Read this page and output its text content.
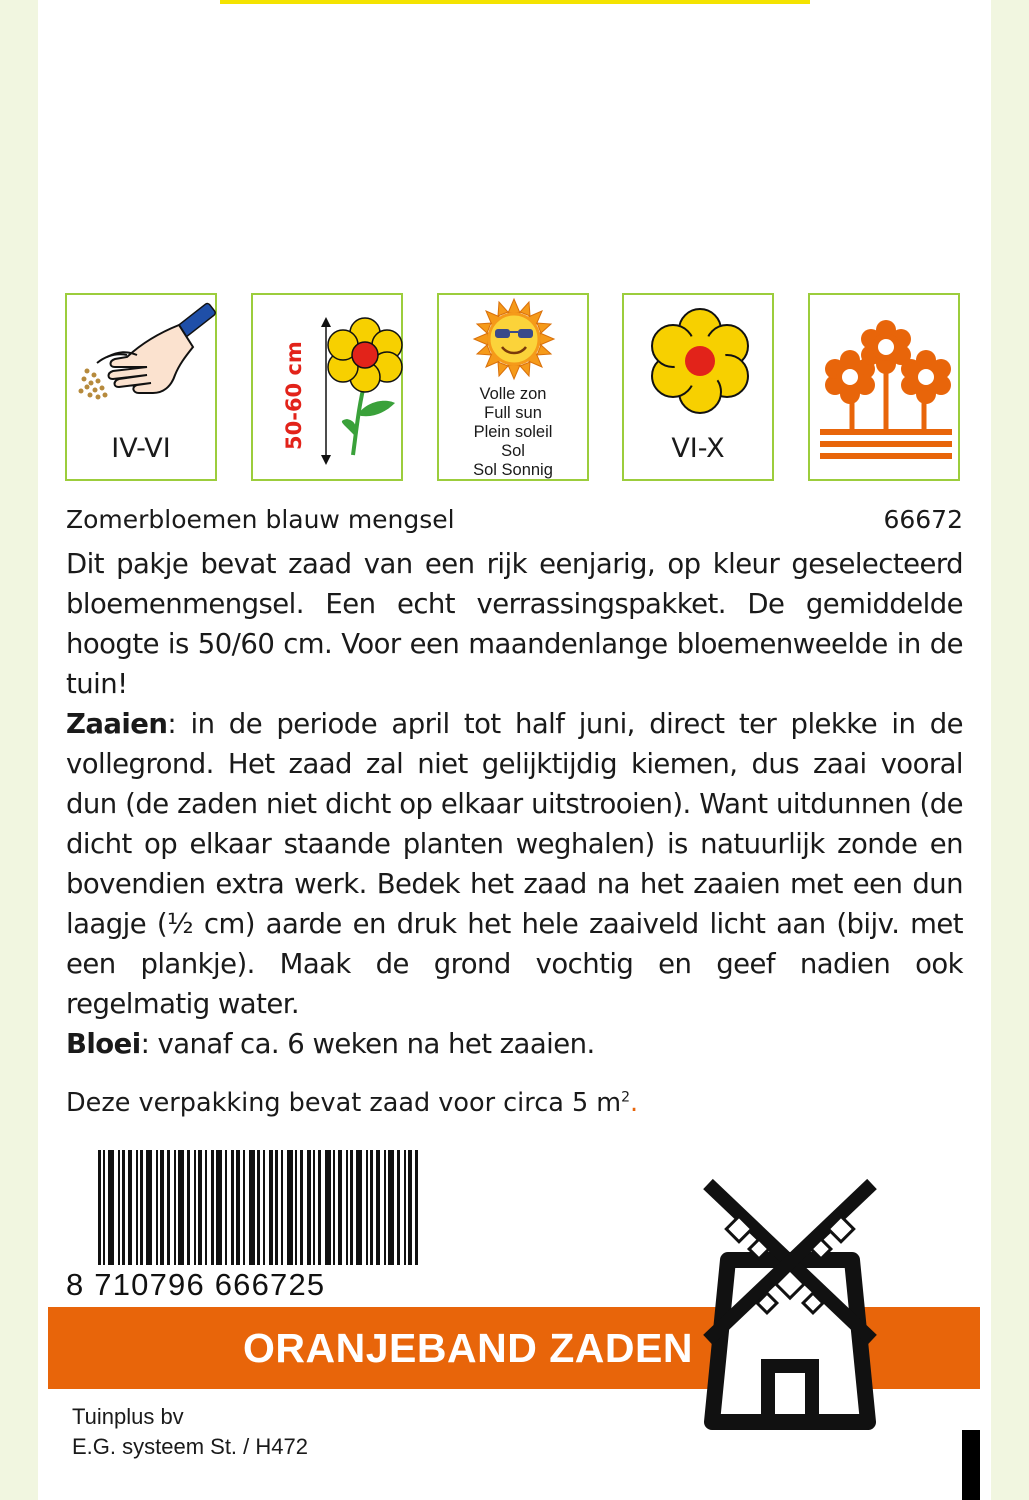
IV-VI	50-60 cm	Volle zon
Full sun
Plein soleil
Sol
Sol Sonnig
VI-X
Zomerbloemen blauw mengsel	66672

Dit pakje bevat zaad van een rijk eenjarig, op kleur geselecteerd bloemenmengsel. Een echt verrassingspakket. De gemiddelde hoogte is 50/60 cm. Voor een maandenlange bloemenweelde in de tuin!

Zaaien: in de periode april tot half juni, direct ter plekke in de vollegrond. Het zaad zal niet gelijktijdig kiemen, dus zaai vooral dun (de zaden niet dicht op elkaar uitstrooien). Want uitdunnen (de dicht op elkaar staande planten weghalen) is natuurlijk zonde en bovendien extra werk. Bedek het zaad na het zaaien met een dun laagje (½ cm) aarde en druk het hele zaaiveld licht aan (bijv. met een plankje). Maak de grond vochtig en geef nadien ook regelmatig water.

Bloei: vanaf ca. 6 weken na het zaaien.

Deze verpakking bevat zaad voor circa 5 $m^2$.
8 710796 666725
ORANJEBAND ZADEN
Tuinplus bv
E.G. systeem St. / H472
